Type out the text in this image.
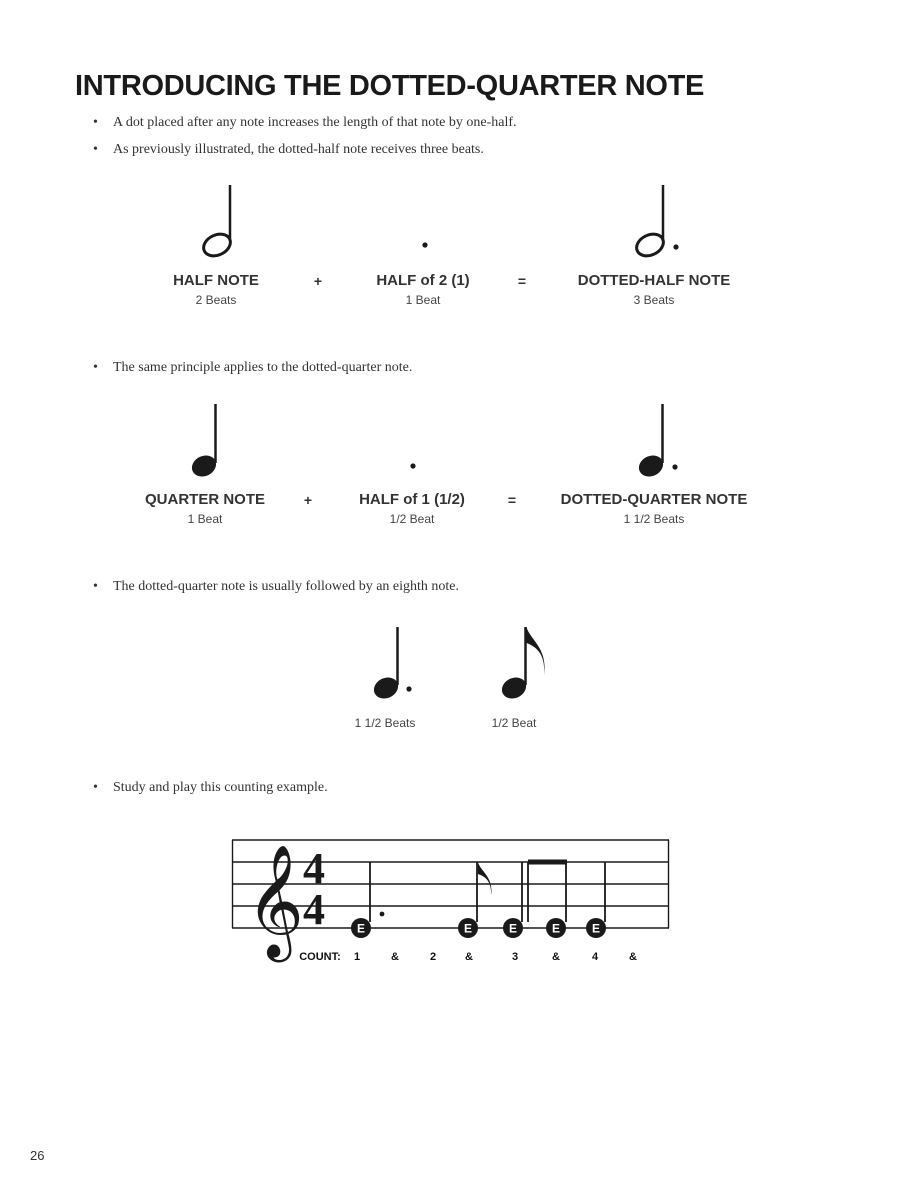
INTRODUCING THE DOTTED-QUARTER NOTE
• A dot placed after any note increases the length of that note by one-half.
• As previously illustrated, the dotted-half note receives three beats.
• The same principle applies to the dotted-quarter note.
• The dotted-quarter note is usually followed by an eighth note.
• Study and play this counting example.
𝄞 4
4	E	E	E	E	E
HALF NOTE
2 Beats
+	HALF of 2 (1)
1 Beat
=	DOTTED-HALF NOTE
3 Beats
QUARTER NOTE
1 Beat
+	HALF of 1 (1/2)
1/2 Beat
=	DOTTED-QUARTER NOTE
1 1/2 Beats
1 1/2 Beats	1/2 Beat
COUNT: 1	&	2	&	3	&	4	&
26
